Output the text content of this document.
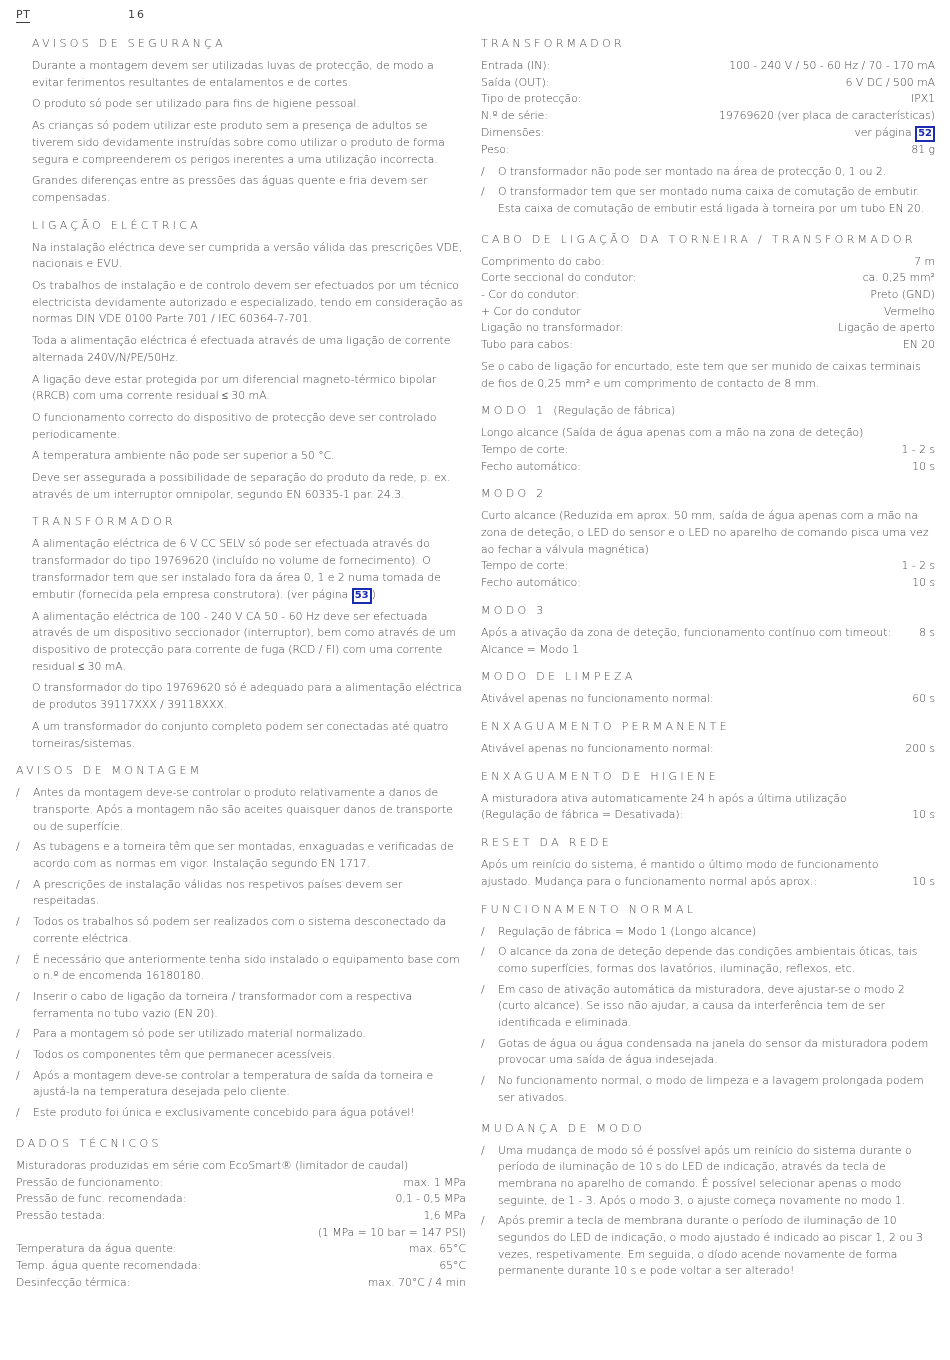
PT	16
AVISOS DE SEGURANÇA

Durante a montagem devem ser utilizadas luvas de protecção, de modo a evitar ferimentos resultantes de entalamentos e de cortes.

O produto só pode ser utilizado para fins de higiene pessoal.

As crianças só podem utilizar este produto sem a presença de adultos se tiverem sido devidamente instruídas sobre como utilizar o produto de forma segura e compreenderem os perigos inerentes a uma utilização incorrecta.

Grandes diferenças entre as pressões das águas quente e fria devem ser compensadas.

LIGAÇÃO ELÉCTRICA

Na instalação eléctrica deve ser cumprida a versão válida das prescrições VDE, nacionais e EVU.

Os trabalhos de instalação e de controlo devem ser efectuados por um técnico electricista devidamente autorizado e especializado, tendo em consideração as normas DIN VDE 0100 Parte 701 / IEC 60364-7-701.

Toda a alimentação eléctrica é efectuada através de uma ligação de corrente alternada 240V/N/PE/50Hz.

A ligação deve estar protegida por um diferencial magneto-térmico bipolar (RRCB) com uma corrente residual ≤ 30 mA.

O funcionamento correcto do dispositivo de protecção deve ser controlado periodicamente.

A temperatura ambiente não pode ser superior a 50 °C.

Deve ser assegurada a possibilidade de separação do produto da rede, p. ex. através de um interruptor omnipolar, segundo EN 60335-1 par. 24.3.

TRANSFORMADOR

A alimentação eléctrica de 6 V CC SELV só pode ser efectuada através do transformador do tipo 19769620 (incluído no volume de fornecimento). O transformador tem que ser instalado fora da área 0, 1 e 2 numa tomada de embutir (fornecida pela empresa construtora). (ver página 53 )

A alimentação eléctrica de 100 - 240 V CA 50 - 60 Hz deve ser efectuada através de um dispositivo seccionador (interruptor), bem como através de um dispositivo de protecção para corrente de fuga (RCD / FI) com uma corrente residual ≤ 30 mA.

O transformador do tipo 19769620 só é adequado para a alimentação eléctrica de produtos 39117XXX / 39118XXX.

A um transformador do conjunto completo podem ser conectadas até quatro torneiras/sistemas.

AVISOS DE MONTAGEM
/ Antes da montagem deve-se controlar o produto relativamente a danos de transporte. Após a montagem não são aceites quaisquer danos de transporte ou de superfície.
/ As tubagens e a torneira têm que ser montadas, enxaguadas e verificadas de acordo com as normas em vigor. Instalação segundo EN 1717.
/ A prescrições de instalação válidas nos respetivos países devem ser respeitadas.
/ Todos os trabalhos só podem ser realizados com o sistema desconectado da corrente eléctrica.
/ É necessário que anteriormente tenha sido instalado o equipamento base com o n.º de encomenda 16180180.
/ Inserir o cabo de ligação da torneira / transformador com a respectiva ferramenta no tubo vazio (EN 20).
/ Para a montagem só pode ser utilizado material normalizado.
/ Todos os componentes têm que permanecer acessíveis.
/ Após a montagem deve-se controlar a temperatura de saída da torneira e ajustá-la na temperatura desejada pelo cliente.
/ Este produto foi única e exclusivamente concebido para água potável!
DADOS TÉCNICOS

Misturadoras produzidas em série com EcoSmart® (limitador de caudal)

Pressão de funcionamento:	max. 1 MPa
Pressão de func. recomendada:	0,1 - 0,5 MPa
Pressão testada:	1,6 MPa
(1 MPa = 10 bar = 147 PSI)
Temperatura da água quente:	max. 65°C
Temp. água quente recomendada:	65°C
Desinfecção térmica:	max. 70°C / 4 min
TRANSFORMADOR
Entrada (IN):	100 - 240 V / 50 - 60 Hz / 70 - 170 mA
Saída (OUT):	6 V DC / 500 mA
Tipo de protecção:	IPX1
N.º de série:	19769620 (ver placa de características)
Dimensões:	ver página 52
Peso:	81 g
/ O transformador não pode ser montado na área de protecção 0, 1 ou 2.
/ O transformador tem que ser montado numa caixa de comutação de embutir. Esta caixa de comutação de embutir está ligada à torneira por um tubo EN 20.
CABO DE LIGAÇÃO DA TORNEIRA / TRANSFORMADOR
Comprimento do cabo:	7 m
Corte seccional do condutor:	ca. 0,25 mm²
- Cor do condutor:	Preto (GND)
+ Cor do condutor	Vermelho
Ligação no transformador:	Ligação de aperto
Tubo para cabos:	EN 20

Se o cabo de ligação for encurtado, este tem que ser munido de caixas terminais de fios de 0,25 mm² e um comprimento de contacto de 8 mm.

MODO 1 (Regulação de fábrica)

Longo alcance (Saída de água apenas com a mão na zona de deteção)

Tempo de corte:	1 - 2 s
Fecho automático:	10 s
MODO 2

Curto alcance (Reduzida em aprox. 50 mm, saída de água apenas com a mão na zona de deteção, o LED do sensor e o LED no aparelho de comando pisca uma vez ao fechar a válvula magnética)

Tempo de corte:	1 - 2 s
Fecho automático:	10 s
MODO 3
Após a ativação da zona de deteção, funcionamento contínuo com timeout:	8 s

Alcance = Modo 1

MODO DE LIMPEZA
Ativável apenas no funcionamento normal:	60 s
ENXAGUAMENTO PERMANENTE
Ativável apenas no funcionamento normal:	200 s
ENXAGUAMENTO DE HIGIENE

A misturadora ativa automaticamente 24 h após a última utilização

(Regulação de fábrica = Desativada):	10 s
RESET DA REDE

Após um reinício do sistema, é mantido o último modo de funcionamento

ajustado. Mudança para o funcionamento normal após aprox.:	10 s
FUNCIONAMENTO NORMAL
/ Regulação de fábrica = Modo 1 (Longo alcance)
/ O alcance da zona de deteção depende das condições ambientais óticas, tais como superfícies, formas dos lavatórios, iluminação, reflexos, etc.
/ Em caso de ativação automática da misturadora, deve ajustar-se o modo 2 (curto alcance). Se isso não ajudar, a causa da interferência tem de ser identificada e eliminada.
/ Gotas de água ou água condensada na janela do sensor da misturadora podem provocar uma saída de água indesejada.
/ No funcionamento normal, o modo de limpeza e a lavagem prolongada podem ser ativados.
MUDANÇA DE MODO
/ Uma mudança de modo só é possível após um reinício do sistema durante o período de iluminação de 10 s do LED de indicação, através da tecla de membrana no aparelho de comando. É possível selecionar apenas o modo seguinte, de 1 - 3. Após o modo 3, o ajuste começa novamente no modo 1.
/ Após premir a tecla de membrana durante o período de iluminação de 10 segundos do LED de indicação, o modo ajustado é indicado ao piscar 1, 2 ou 3 vezes, respetivamente. Em seguida, o díodo acende novamente de forma permanente durante 10 s e pode voltar a ser alterado!
